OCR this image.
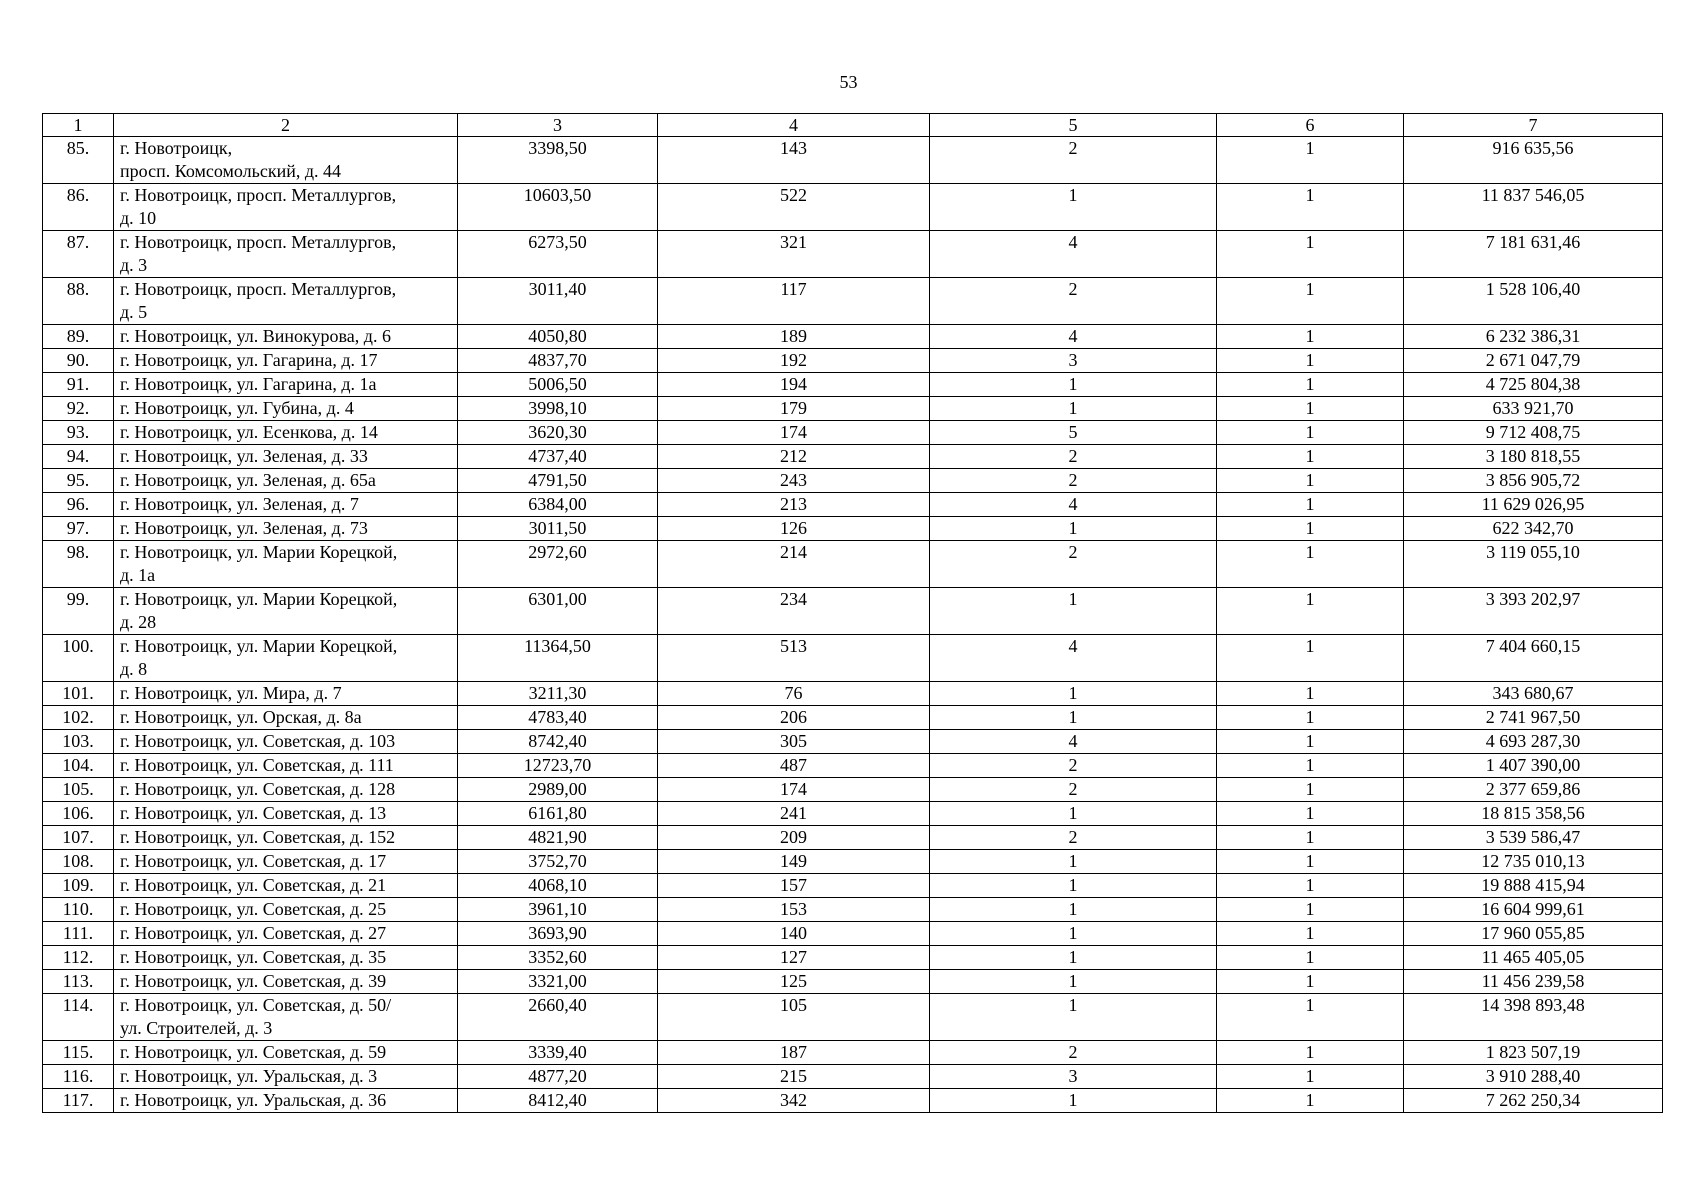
53
1	2	3	4	5	6	7
85.	г. Новотроицк,
просп. Комсомольский, д. 44	3398,50	143	2	1	916 635,56
86.	г. Новотроицк, просп. Металлургов,
д. 10	10603,50	522	1	1	11 837 546,05
87.	г. Новотроицк, просп. Металлургов,
д. 3	6273,50	321	4	1	7 181 631,46
88.	г. Новотроицк, просп. Металлургов,
д. 5	3011,40	117	2	1	1 528 106,40
89.	г. Новотроицк, ул. Винокурова, д. 6	4050,80	189	4	1	6 232 386,31
90.	г. Новотроицк, ул. Гагарина, д. 17	4837,70	192	3	1	2 671 047,79
91.	г. Новотроицк, ул. Гагарина, д. 1а	5006,50	194	1	1	4 725 804,38
92.	г. Новотроицк, ул. Губина, д. 4	3998,10	179	1	1	633 921,70
93.	г. Новотроицк, ул. Есенкова, д. 14	3620,30	174	5	1	9 712 408,75
94.	г. Новотроицк, ул. Зеленая, д. 33	4737,40	212	2	1	3 180 818,55
95.	г. Новотроицк, ул. Зеленая, д. 65а	4791,50	243	2	1	3 856 905,72
96.	г. Новотроицк, ул. Зеленая, д. 7	6384,00	213	4	1	11 629 026,95
97.	г. Новотроицк, ул. Зеленая, д. 73	3011,50	126	1	1	622 342,70
98.	г. Новотроицк, ул. Марии Корецкой,
д. 1а	2972,60	214	2	1	3 119 055,10
99.	г. Новотроицк, ул. Марии Корецкой,
д. 28	6301,00	234	1	1	3 393 202,97
100.	г. Новотроицк, ул. Марии Корецкой,
д. 8	11364,50	513	4	1	7 404 660,15
101.	г. Новотроицк, ул. Мира, д. 7	3211,30	76	1	1	343 680,67
102.	г. Новотроицк, ул. Орская, д. 8а	4783,40	206	1	1	2 741 967,50
103.	г. Новотроицк, ул. Советская, д. 103	8742,40	305	4	1	4 693 287,30
104.	г. Новотроицк, ул. Советская, д. 111	12723,70	487	2	1	1 407 390,00
105.	г. Новотроицк, ул. Советская, д. 128	2989,00	174	2	1	2 377 659,86
106.	г. Новотроицк, ул. Советская, д. 13	6161,80	241	1	1	18 815 358,56
107.	г. Новотроицк, ул. Советская, д. 152	4821,90	209	2	1	3 539 586,47
108.	г. Новотроицк, ул. Советская, д. 17	3752,70	149	1	1	12 735 010,13
109.	г. Новотроицк, ул. Советская, д. 21	4068,10	157	1	1	19 888 415,94
110.	г. Новотроицк, ул. Советская, д. 25	3961,10	153	1	1	16 604 999,61
111.	г. Новотроицк, ул. Советская, д. 27	3693,90	140	1	1	17 960 055,85
112.	г. Новотроицк, ул. Советская, д. 35	3352,60	127	1	1	11 465 405,05
113.	г. Новотроицк, ул. Советская, д. 39	3321,00	125	1	1	11 456 239,58
114.	г. Новотроицк, ул. Советская, д. 50/
ул. Строителей, д. 3	2660,40	105	1	1	14 398 893,48
115.	г. Новотроицк, ул. Советская, д. 59	3339,40	187	2	1	1 823 507,19
116.	г. Новотроицк, ул. Уральская, д. 3	4877,20	215	3	1	3 910 288,40
117.	г. Новотроицк, ул. Уральская, д. 36	8412,40	342	1	1	7 262 250,34
